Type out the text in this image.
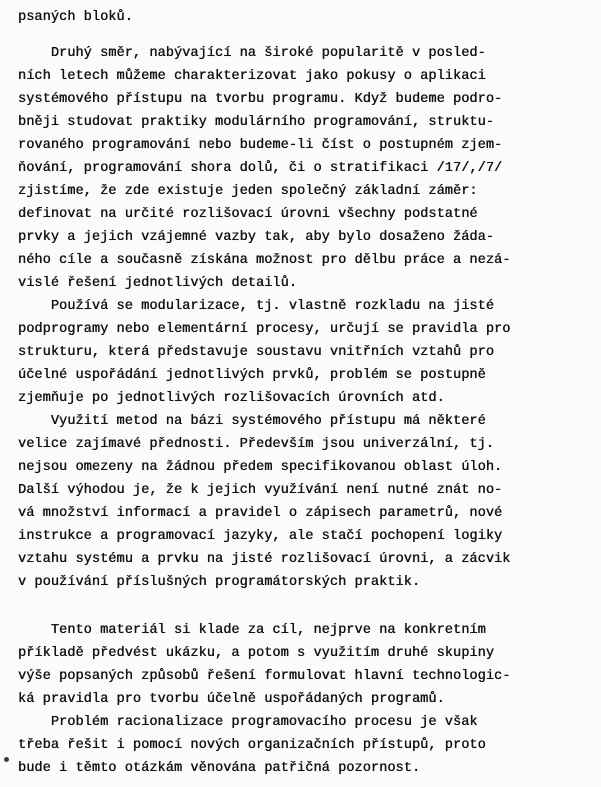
psaných bloků.
Druhý směr, nabývající na široké popularitě v posled-
ních letech můžeme charakterizovat jako pokusy o aplikaci
systémového přístupu na tvorbu programu. Když budeme podro-
bněji studovat praktiky modulárního programování, struktu-
rovaného programování nebo budeme-li číst o postupném zjem-
ňování, programování shora dolů, či o stratifikaci /17/,/7/
zjistíme, že zde existuje jeden společný základní záměr:
definovat na určité rozlišovací úrovni všechny podstatné
prvky a jejich vzájemné vazby tak, aby bylo dosaženo žáda-
ného cíle a současně získána možnost pro dělbu práce a nezá-
vislé řešení jednotlivých detailů.
Používá se modularizace, tj. vlastně rozkladu na jisté
podprogramy nebo elementární procesy, určují se pravidla pro
strukturu, která představuje soustavu vnitřních vztahů pro
účelné uspořádání jednotlivých prvků, problém se postupně
zjemňuje po jednotlivých rozlišovacích úrovních atd.
Využití metod na bázi systémového přístupu má některé
velice zajímavé přednosti. Především jsou univerzální, tj.
nejsou omezeny na žádnou předem specifikovanou oblast úloh.
Další výhodou je, že k jejich využívání není nutné znát no-
vá množství informací a pravidel o zápisech parametrů, nové
instrukce a programovací jazyky, ale stačí pochopení logiky
vztahu systému a prvku na jisté rozlišovací úrovni, a zácvik
v používání příslušných programátorských praktik.
Tento materiál si klade za cíl, nejprve na konkretním
příkladě předvést ukázku, a potom s využitím druhé skupiny
výše popsaných způsobů řešení formulovat hlavní technologic-
ká pravidla pro tvorbu účelně uspořádaných programů.
Problém racionalizace programovacího procesu je však
třeba řešit i pomocí nových organizačních přístupů, proto
bude i těmto otázkám věnována patřičná pozornost.
